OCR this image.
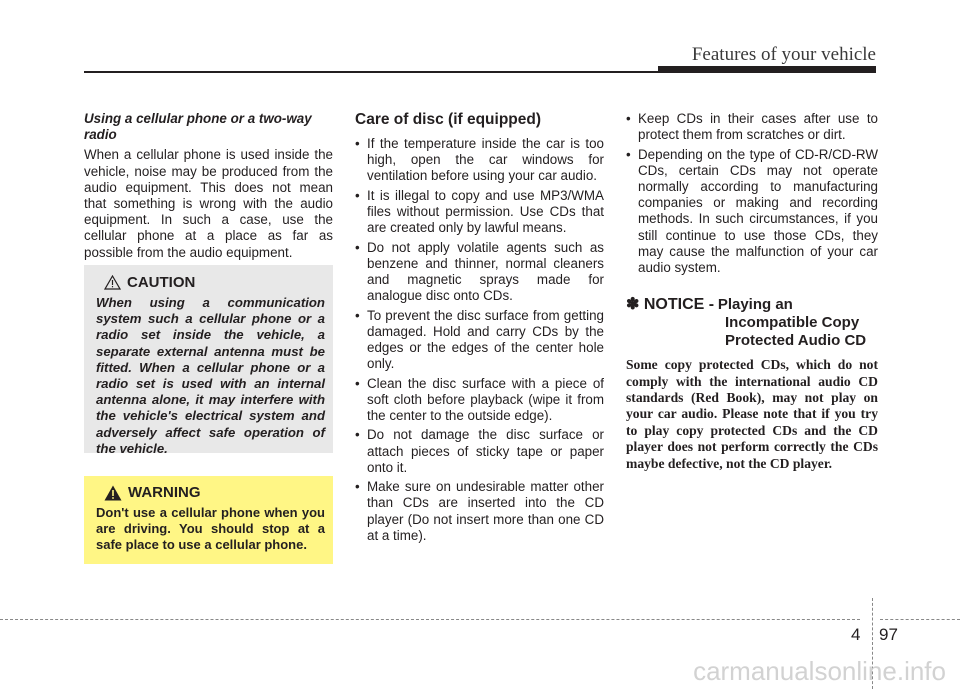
Features of your vehicle

Using a cellular phone or a two-way radio

When a cellular phone is used inside the vehicle, noise may be produced from the audio equipment. This does not mean that something is wrong with the audio equipment. In such a case, use the cellular phone at a place as far as possible from the audio equipment.

CAUTION
When using a communication system such a cellular phone or a radio set inside the vehicle, a separate external antenna must be fitted. When a cellular phone or a radio set is used with an internal antenna alone, it may interfere with the vehicle's electrical system and adversely affect safe operation of the vehicle.
WARNING
Don't use a cellular phone when you are driving. You should stop at a safe place to use a cellular phone.
Care of disc (if equipped)
• If the temperature inside the car is too high, open the car windows for ventilation before using your car audio.
• It is illegal to copy and use MP3/WMA files without permission. Use CDs that are created only by lawful means.
• Do not apply volatile agents such as benzene and thinner, normal cleaners and magnetic sprays made for analogue disc onto CDs.
• To prevent the disc surface from getting damaged. Hold and carry CDs by the edges or the edges of the center hole only.
• Clean the disc surface with a piece of soft cloth before playback (wipe it from the center to the outside edge).
• Do not damage the disc surface or attach pieces of sticky tape or paper onto it.
• Make sure on undesirable matter other than CDs are inserted into the CD player (Do not insert more than one CD at a time).
• Keep CDs in their cases after use to protect them from scratches or dirt.
• Depending on the type of CD-R/CD-RW CDs, certain CDs may not operate normally according to manufacturing companies or making and recording methods. In such circumstances, if you still continue to use those CDs, they may cause the malfunction of your car audio system.
✽ NOTICE - Playing an
Incompatible Copy
Protected Audio CD
Some copy protected CDs, which do not comply with the international audio CD standards (Red Book), may not play on your car audio. Please note that if you try to play copy protected CDs and the CD player does not perform correctly the CDs maybe defective, not the CD player.
4 97
carmanualsonline.info
